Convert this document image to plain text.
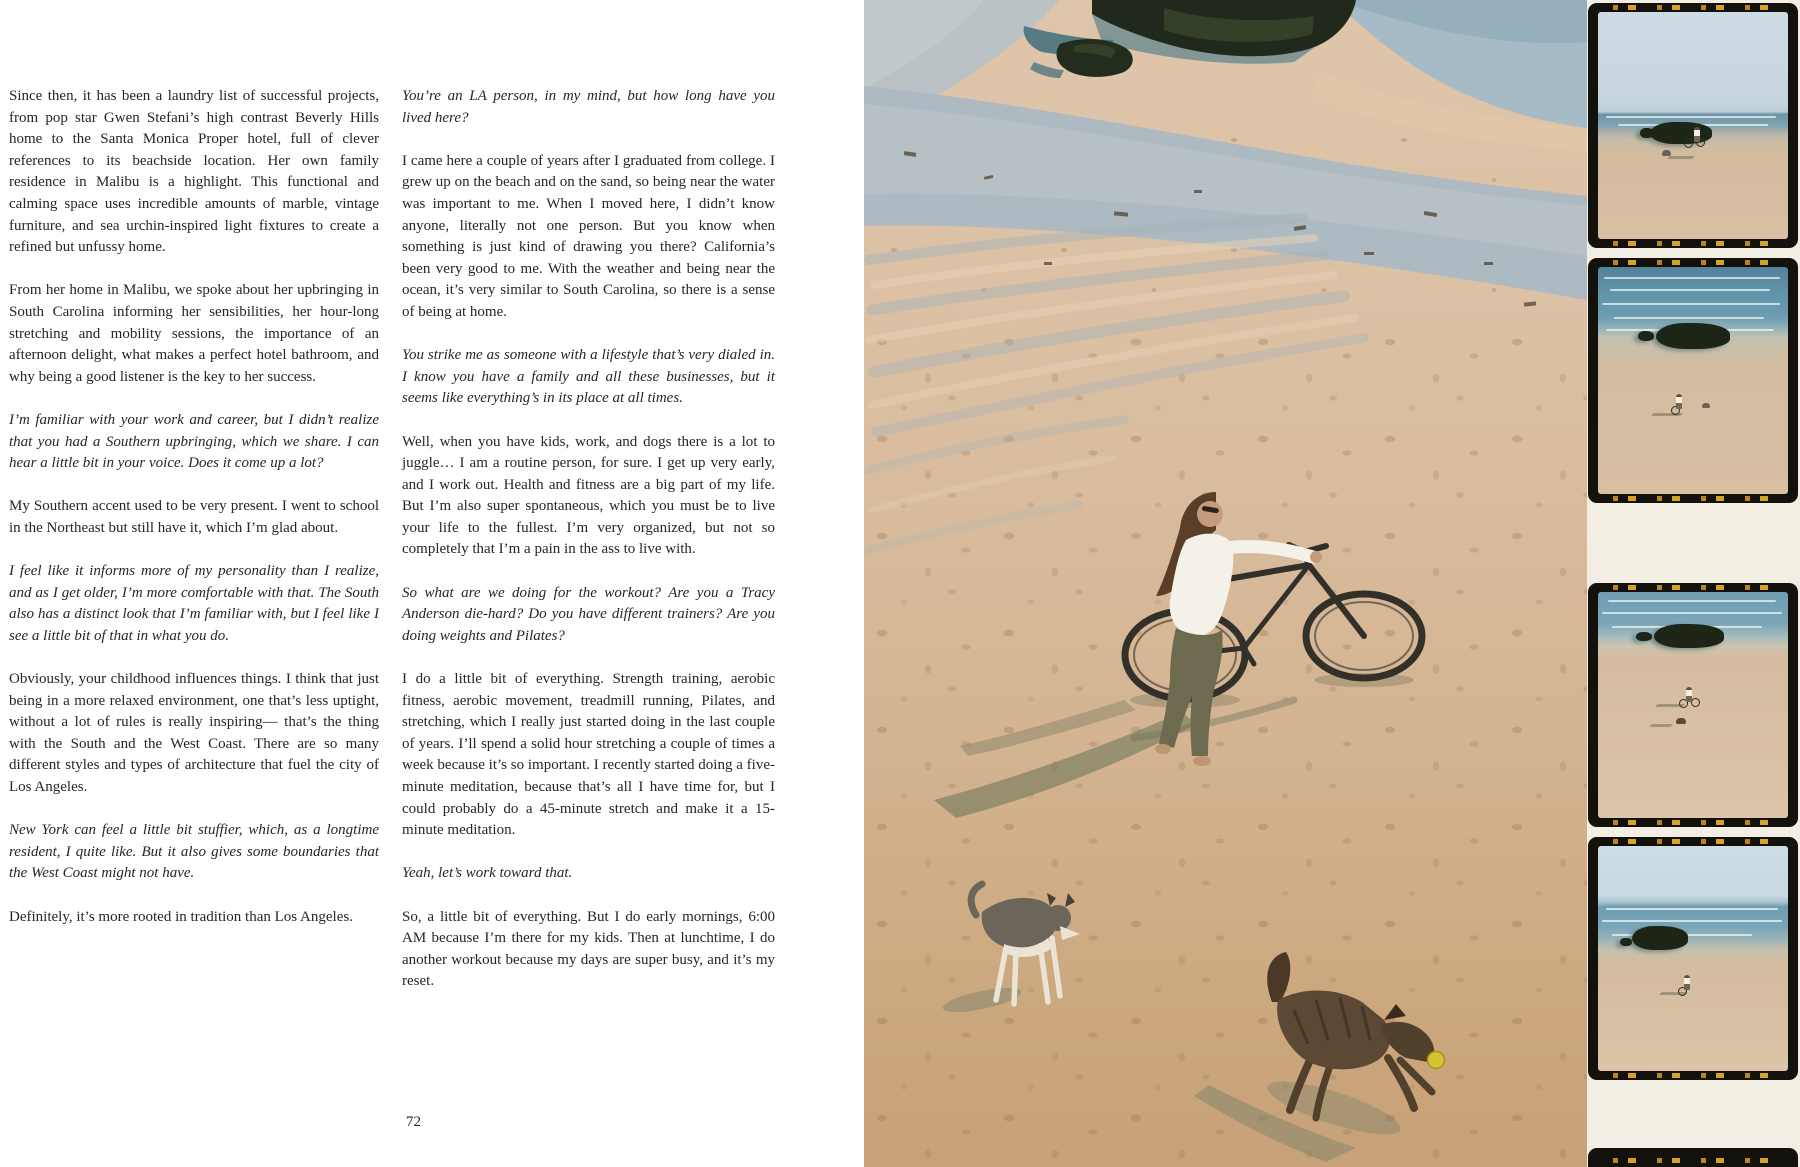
Since then, it has been a laundry list of successful projects, from pop star Gwen Stefani’s high contrast Beverly Hills home to the Santa Monica Proper hotel, full of clever references to its beachside location. Her own family residence in Malibu is a highlight. This functional and calming space uses incredible amounts of marble, vintage furniture, and sea urchin-inspired light fixtures to create a refined but unfussy home.

From her home in Malibu, we spoke about her upbringing in South Carolina informing her sensibilities, her hour-long stretching and mobility sessions, the importance of an afternoon delight, what makes a perfect hotel bathroom, and why being a good listener is the key to her success.

I’m familiar with your work and career, but I didn’t realize that you had a Southern upbringing, which we share. I can hear a little bit in your voice. Does it come up a lot?

My Southern accent used to be very present. I went to school in the Northeast but still have it, which I’m glad about.

I feel like it informs more of my personality than I realize, and as I get older, I’m more comfortable with that. The South also has a distinct look that I’m familiar with, but I feel like I see a little bit of that in what you do.

Obviously, your childhood influences things. I think that just being in a more relaxed environment, one that’s less uptight, without a lot of rules is really inspiring— that’s the thing with the South and the West Coast. There are so many different styles and types of architecture that fuel the city of Los Angeles.

New York can feel a little bit stuffier, which, as a longtime resident, I quite like. But it also gives some boundaries that the West Coast might not have.

Definitely, it’s more rooted in tradition than Los Angeles.

You’re an LA person, in my mind, but how long have you lived here?

I came here a couple of years after I graduated from college. I grew up on the beach and on the sand, so being near the water was important to me. When I moved here, I didn’t know anyone, literally not one person. But you know when something is just kind of drawing you there? California’s been very good to me. With the weather and being near the ocean, it’s very similar to South Carolina, so there is a sense of being at home.

You strike me as someone with a lifestyle that’s very dialed in. I know you have a family and all these businesses, but it seems like everything’s in its place at all times.

Well, when you have kids, work, and dogs there is a lot to juggle… I am a routine person, for sure. I get up very early, and I work out. Health and fitness are a big part of my life. But I’m also super spontaneous, which you must be to live your life to the fullest. I’m very organized, but not so completely that I’m a pain in the ass to live with.

So what are we doing for the workout? Are you a Tracy Anderson die-hard? Do you have different trainers? Are you doing weights and Pilates?

I do a little bit of everything. Strength training, aerobic fitness, aerobic movement, treadmill running, Pilates, and stretching, which I really just started doing in the last couple of years. I’ll spend a solid hour stretching a couple of times a week because it’s so important. I recently started doing a five-minute meditation, because that’s all I have time for, but I could probably do a 45-minute stretch and make it a 15-minute meditation.

Yeah, let’s work toward that.

So, a little bit of everything. But I do early mornings, 6:00 AM because I’m there for my kids. Then at lunchtime, I do another workout because my days are super busy, and it’s my reset.

72
